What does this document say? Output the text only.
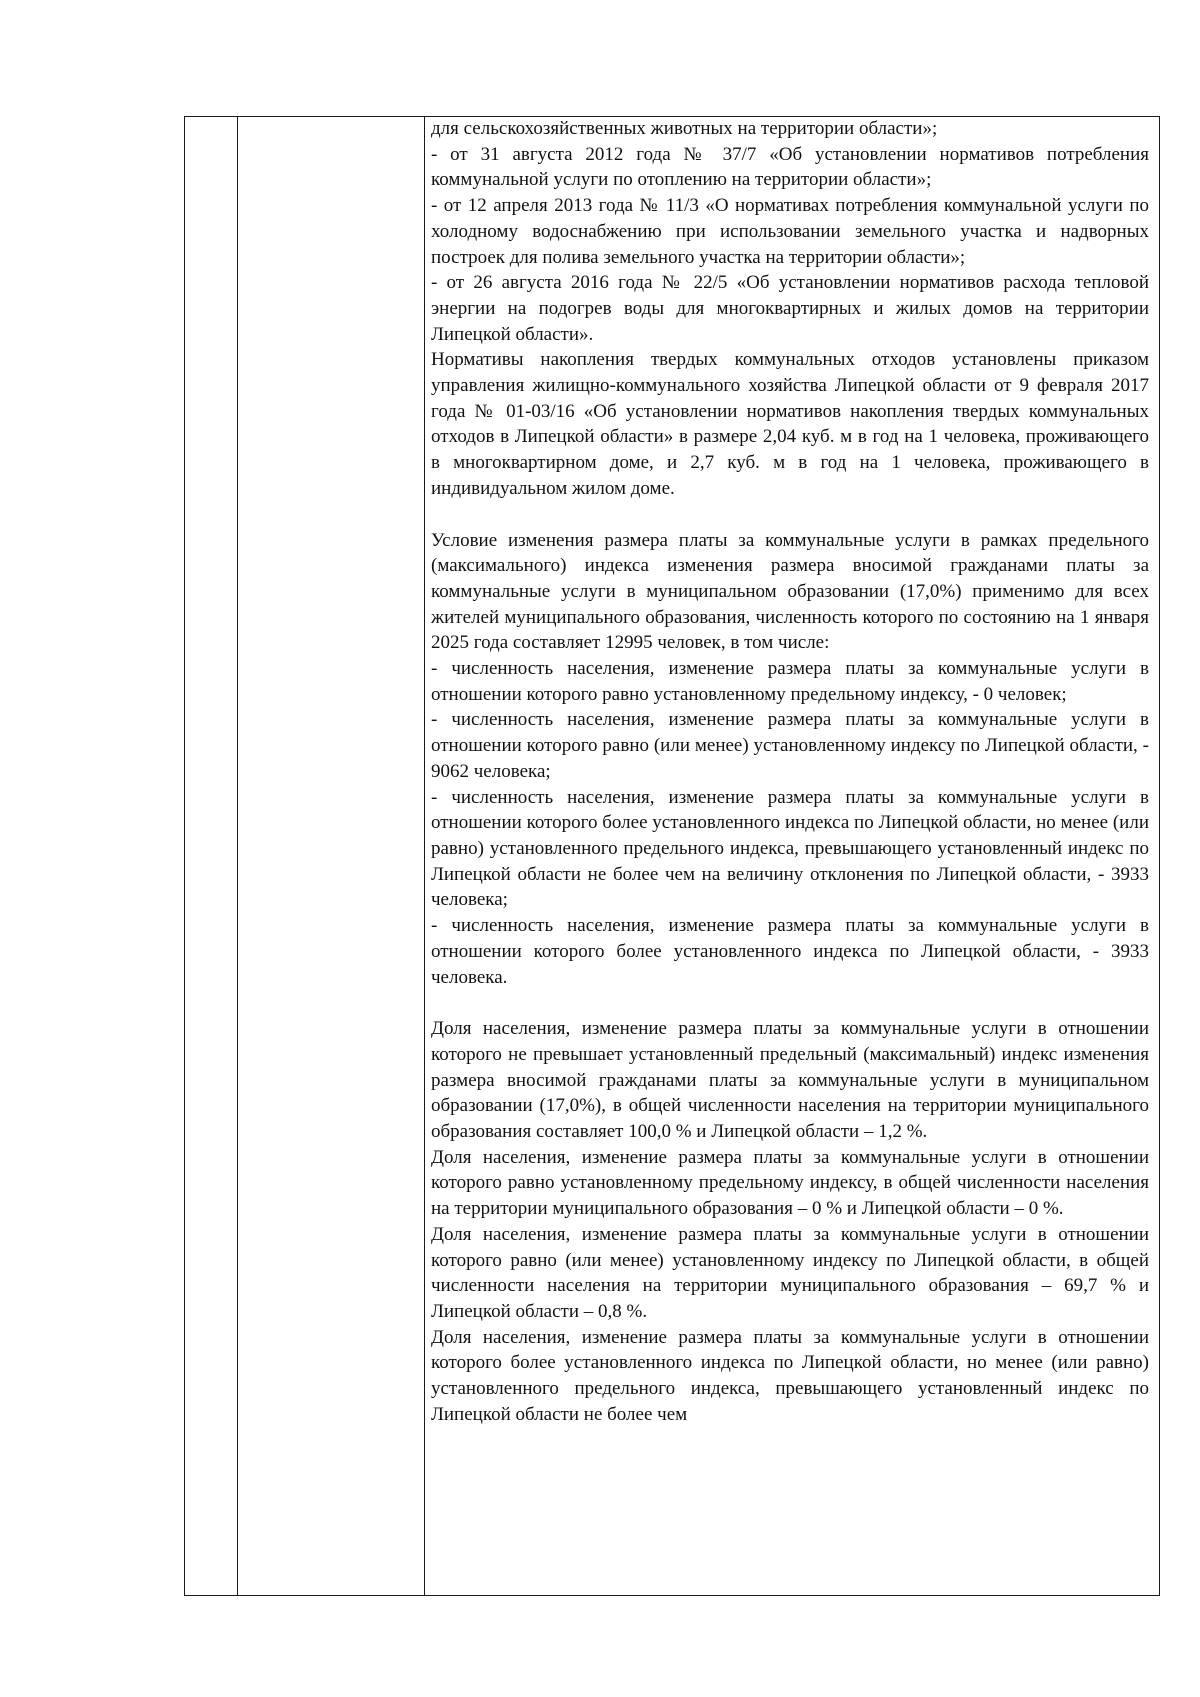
для сельскохозяйственных животных на территории области»;

- от 31 августа 2012 года № 37/7 «Об установлении нормативов потребления коммунальной услуги по отоплению на территории области»;

- от 12 апреля 2013 года № 11/3 «О нормативах потребления коммунальной услуги по холодному водоснабжению при использовании земельного участка и надворных построек для полива земельного участка на территории области»;

- от 26 августа 2016 года № 22/5 «Об установлении нормативов расхода тепловой энергии на подогрев воды для многоквартирных и жилых домов на территории Липецкой области».

Нормативы накопления твердых коммунальных отходов установлены приказом управления жилищно-коммунального хозяйства Липецкой области от 9 февраля 2017 года № 01-03/16 «Об установлении нормативов накопления твердых коммунальных отходов в Липецкой области» в размере 2,04 куб. м в год на 1 человека, проживающего в многоквартирном доме, и 2,7 куб. м в год на 1 человека, проживающего в индивидуальном жилом доме.

Условие изменения размера платы за коммунальные услуги в рамках предельного (максимального) индекса изменения размера вносимой гражданами платы за коммунальные услуги в муниципальном образовании (17,0%) применимо для всех жителей муниципального образования, численность которого по состоянию на 1 января 2025 года составляет 12995 человек, в том числе:

- численность населения, изменение размера платы за коммунальные услуги в отношении которого равно установленному предельному индексу, - 0 человек;

- численность населения, изменение размера платы за коммунальные услуги в отношении которого равно (или менее) установленному индексу по Липецкой области, - 9062 человека;

- численность населения, изменение размера платы за коммунальные услуги в отношении которого более установленного индекса по Липецкой области, но менее (или равно) установленного предельного индекса, превышающего установленный индекс по Липецкой области не более чем на величину отклонения по Липецкой области, - 3933 человека;

- численность населения, изменение размера платы за коммунальные услуги в отношении которого более установленного индекса по Липецкой области, - 3933 человека.

Доля населения, изменение размера платы за коммунальные услуги в отношении которого не превышает установленный предельный (максимальный) индекс изменения размера вносимой гражданами платы за коммунальные услуги в муниципальном образовании (17,0%), в общей численности населения на территории муниципального образования составляет 100,0 % и Липецкой области – 1,2 %.

Доля населения, изменение размера платы за коммунальные услуги в отношении которого равно установленному предельному индексу, в общей численности населения на территории муниципального образования – 0 % и Липецкой области – 0 %.

Доля населения, изменение размера платы за коммунальные услуги в отношении которого равно (или менее) установленному индексу по Липецкой области, в общей численности населения на территории муниципального образования – 69,7 % и Липецкой области – 0,8 %.

Доля населения, изменение размера платы за коммунальные услуги в отношении которого более установленного индекса по Липецкой области, но менее (или равно) установленного предельного индекса, превышающего установленный индекс по Липецкой области не более чем
